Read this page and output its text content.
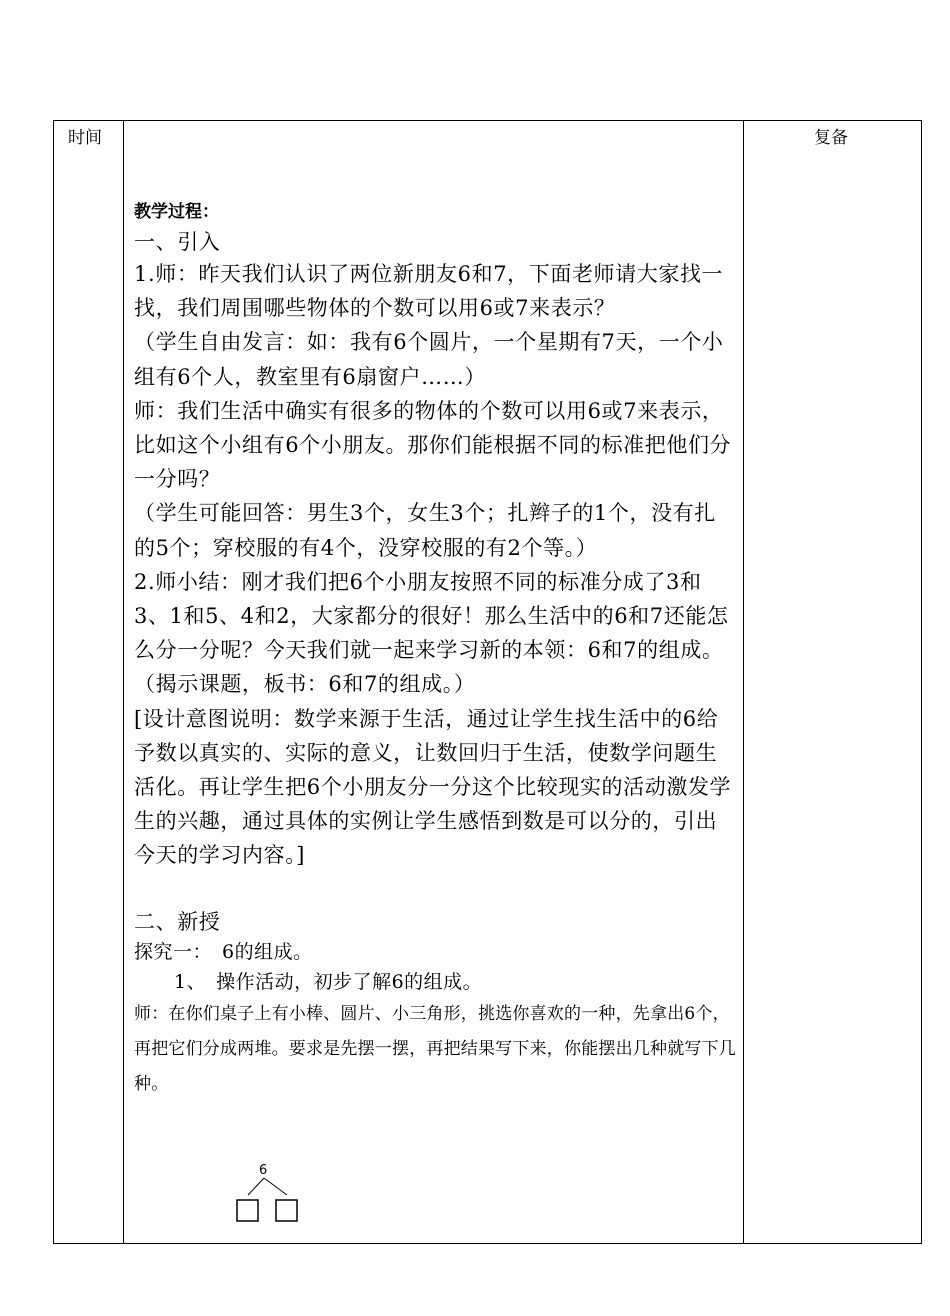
时间	复备
教学过程：
一、引入

1.师：昨天我们认识了两位新朋友6和7，下面老师请大家找一找，我们周围哪些物体的个数可以用6或7来表示？

（学生自由发言：如：我有6个圆片，一个星期有7天，一个小组有6个人，教室里有6扇窗户……）

师：我们生活中确实有很多的物体的个数可以用6或7来表示，比如这个小组有6个小朋友。那你们能根据不同的标准把他们分一分吗？

（学生可能回答：男生3个，女生3个；扎辫子的1个，没有扎的5个；穿校服的有4个，没穿校服的有2个等。）

2.师小结：刚才我们把6个小朋友按照不同的标准分成了3和3、1和5、4和2，大家都分的很好！那么生活中的6和7还能怎么分一分呢？今天我们就一起来学习新的本领：6和7的组成。

（揭示课题，板书：6和7的组成。）

[设计意图说明：数学来源于生活，通过让学生找生活中的6给予数以真实的、实际的意义，让数回归于生活，使数学问题生活化。再让学生把6个小朋友分一分这个比较现实的活动激发学生的兴趣，通过具体的实例让学生感悟到数是可以分的，引出今天的学习内容。]

二、新授
探究一：　6的组成。
1、　操作活动，初步了解6的组成。
师：在你们桌子上有小棒、圆片、小三角形，挑选你喜欢的一种，先拿出6个，再把它们分成两堆。要求是先摆一摆，再把结果写下来，你能摆出几种就写下几种。
6
